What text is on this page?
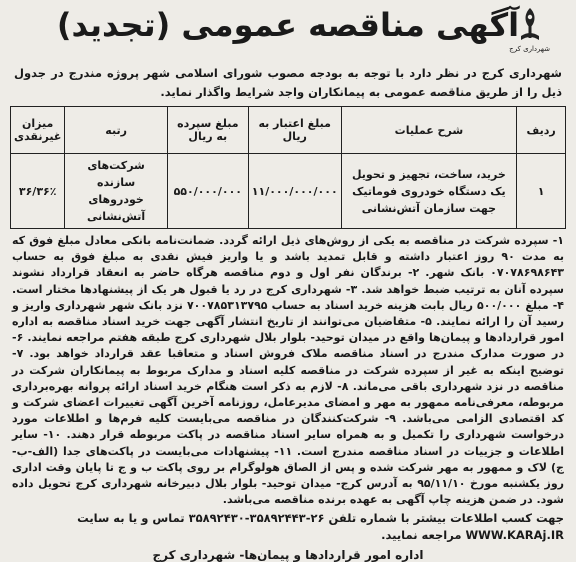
شهرداری کرج
آگهی مناقصه عمومی (تجدید)
شهرداری کرج در نظر دارد با توجه به بودجه مصوب شورای اسلامی شهر پروژه مندرج در جدول ذیل را از طریق مناقصه عمومی به پیمانکاران واجد شرایط واگذار نماید.
ردیف	شرح عملیات	مبلغ اعتبار به ریال	مبلغ سپرده به ریال	رتبه	میزان غیرنقدی
۱	خرید، ساخت، تجهیز و تحویل یک دستگاه خودروی فوماتیک جهت سازمان آتش‌نشانی	۱۱/۰۰۰/۰۰۰/۰۰۰	۵۵۰/۰۰۰/۰۰۰	شرکت‌های سازنده خودروهای آتش‌نشانی	۳۶/۳۶٪
۱- سپرده شرکت در مناقصه به یکی از روش‌های ذیل ارائه گردد. ضمانت‌نامه بانکی معادل مبلغ فوق که به مدت ۹۰ روز اعتبار داشته و قابل تمدید باشد و یا واریز فیش نقدی به مبلغ فوق به حساب ۰۷۰۷۸۶۹۸۶۴۳ بانک شهر. ۲- برندگان نفر اول و دوم مناقصه هرگاه حاضر به انعقاد قرارداد نشوند سپرده آنان به ترتیب ضبط خواهد شد. ۳- شهرداری کرج در رد یا قبول هر یک از پیشنهادها مختار است. ۴- مبلغ ۵۰۰/۰۰۰ ریال بابت هزینه خرید اسناد به حساب ۷۰۰۷۸۵۳۱۳۷۹۵ نزد بانک شهر شهرداری واریز و رسید آن را ارائه نمایند. ۵- متقاضیان می‌توانند از تاریخ انتشار آگهی جهت خرید اسناد مناقصه به اداره امور قراردادها و پیمان‌ها واقع در میدان توحید- بلوار بلال شهرداری کرج طبقه هفتم مراجعه نمایند. ۶- در صورت مدارک مندرج در اسناد مناقصه ملاک فروش اسناد و متعاقبا عقد قرارداد خواهد بود. ۷- توضیح اینکه به غیر از سپرده شرکت در مناقصه کلیه اسناد و مدارک مربوط به پیمانکاران شرکت در مناقصه در نزد شهرداری باقی می‌ماند. ۸- لازم به ذکر است هنگام خرید اسناد ارائه پروانه بهره‌برداری مربوطه، معرفی‌نامه ممهور به مهر و امضای مدیرعامل، روزنامه آخرین آگهی تغییرات اعضای شرکت و کد اقتصادی الزامی می‌باشد. ۹- شرکت‌کنندگان در مناقصه می‌بایست کلیه فرم‌ها و اطلاعات مورد درخواست شهرداری را تکمیل و به همراه سایر اسناد مناقصه در پاکت مربوطه قرار دهند. ۱۰- سایر اطلاعات و جزییات در اسناد مناقصه مندرج است. ۱۱- پیشنهادات می‌بایست در پاکت‌های جدا (الف-ب-ج) لاک و ممهور به مهر شرکت شده و پس از الصاق هولوگرام بر روی پاکت ب و ج تا پایان وقت اداری روز یکشنبه مورخ ۹۵/۱۱/۱۰ به آدرس کرج- میدان توحید- بلوار بلال دبیرخانه شهرداری کرج تحویل داده شود. در ضمن هزینه چاپ آگهی به عهده برنده مناقصه می‌باشد.
جهت کسب اطلاعات بیشتر با شماره تلفن ۲۶-۳۵۸۹۲۴۴۳-۳۵۸۹۲۴۳۰ تماس و یا به سایت WWW.KARAj.IR مراجعه نمایید.
اداره امور قراردادها و پیمان‌ها- شهرداری کرج
